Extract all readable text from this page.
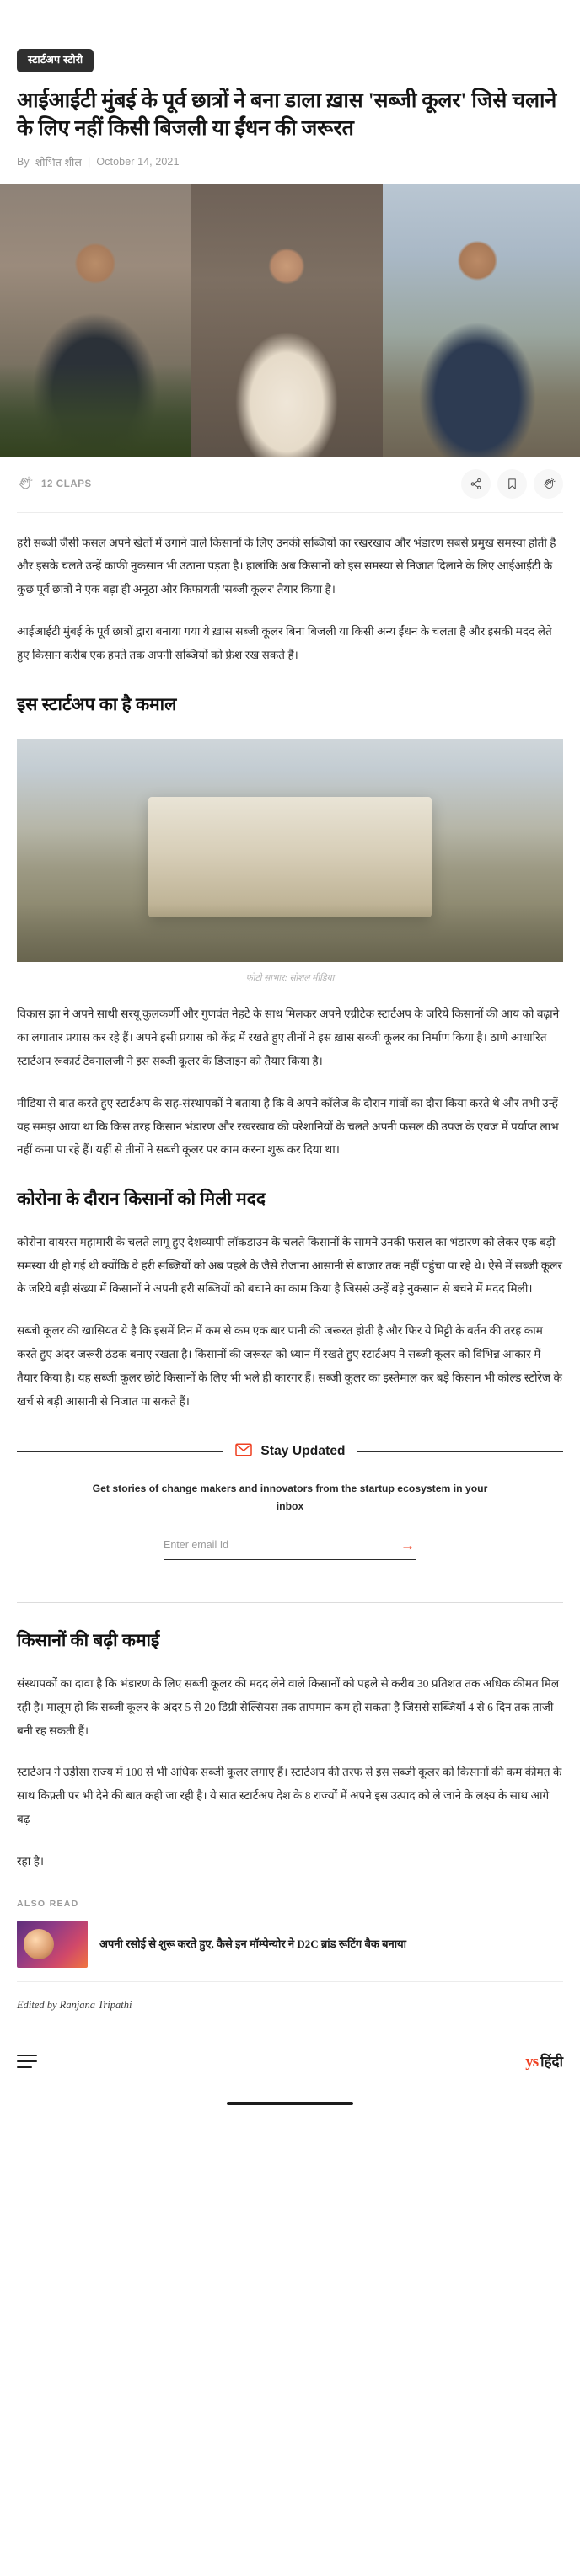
स्टार्टअप स्टोरी
आईआईटी मुंबई के पूर्व छात्रों ने बना डाला ख़ास 'सब्जी कूलर' जिसे चलाने के लिए नहीं किसी बिजली या ईंधन की जरूरत
By शोभित शील | October 14, 2021
12 CLAPS

हरी सब्जी जैसी फसल अपने खेतों में उगाने वाले किसानों के लिए उनकी सब्जियों का रखरखाव और भंडारण सबसे प्रमुख समस्या होती है और इसके चलते उन्हें काफी नुकसान भी उठाना पड़ता है। हालांकि अब किसानों को इस समस्या से निजात दिलाने के लिए आईआईटी के कुछ पूर्व छात्रों ने एक बड़ा ही अनूठा और किफायती 'सब्जी कूलर' तैयार किया है।

आईआईटी मुंबई के पूर्व छात्रों द्वारा बनाया गया ये ख़ास सब्जी कूलर बिना बिजली या किसी अन्य ईंधन के चलता है और इसकी मदद लेते हुए किसान करीब एक हफ्ते तक अपनी सब्जियों को फ़्रेश रख सकते हैं।

इस स्टार्टअप का है कमाल
फोटो साभार: सोशल मीडिया

विकास झा ने अपने साथी सरयू कुलकर्णी और गुणवंत नेहटे के साथ मिलकर अपने एग्रीटेक स्टार्टअप के जरिये किसानों की आय को बढ़ाने का लगातार प्रयास कर रहे हैं। अपने इसी प्रयास को केंद्र में रखते हुए तीनों ने इस ख़ास सब्जी कूलर का निर्माण किया है। ठाणे आधारित स्टार्टअप रूकार्ट टेक्नालजी ने इस सब्जी कूलर के डिजाइन को तैयार किया है।

मीडिया से बात करते हुए स्टार्टअप के सह-संस्थापकों ने बताया है कि वे अपने कॉलेज के दौरान गांवों का दौरा किया करते थे और तभी उन्हें यह समझ आया था कि किस तरह किसान भंडारण और रखरखाव की परेशानियों के चलते अपनी फसल की उपज के एवज में पर्याप्त लाभ नहीं कमा पा रहे हैं। यहीं से तीनों ने सब्जी कूलर पर काम करना शुरू कर दिया था।

कोरोना के दौरान किसानों को मिली मदद

कोरोना वायरस महामारी के चलते लागू हुए देशव्यापी लॉकडाउन के चलते किसानों के सामने उनकी फसल का भंडारण को लेकर एक बड़ी समस्या थी हो गई थी क्योंकि वे हरी सब्जियों को अब पहले के जैसे रोजाना आसानी से बाजार तक नहीं पहुंचा पा रहे थे। ऐसे में सब्जी कूलर के जरिये बड़ी संख्या में किसानों ने अपनी हरी सब्जियों को बचाने का काम किया है जिससे उन्हें बड़े नुकसान से बचने में मदद मिली।

सब्जी कूलर की खासियत ये है कि इसमें दिन में कम से कम एक बार पानी की जरूरत होती है और फिर ये मिट्टी के बर्तन की तरह काम करते हुए अंदर जरूरी ठंडक बनाए रखता है। किसानों की जरूरत को ध्यान में रखते हुए स्टार्टअप ने सब्जी कूलर को विभिन्न आकार में तैयार किया है। यह सब्जी कूलर छोटे किसानों के लिए भी भले ही कारगर हैं। सब्जी कूलर का इस्तेमाल कर बड़े किसान भी कोल्ड स्टोरेज के खर्च से बड़ी आसानी से निजात पा सकते हैं।

Stay Updated
Get stories of change makers and innovators from the startup ecosystem in your inbox
Enter email Id
→
किसानों की बढ़ी कमाई

संस्थापकों का दावा है कि भंडारण के लिए सब्जी कूलर की मदद लेने वाले किसानों को पहले से करीब 30 प्रतिशत तक अधिक कीमत मिल रही है। मालूम हो कि सब्जी कूलर के अंदर 5 से 20 डिग्री सेल्सियस तक तापमान कम हो सकता है जिससे सब्जियाँ 4 से 6 दिन तक ताजी बनी रह सकती हैं।

स्टार्टअप ने उड़ीसा राज्य में 100 से भी अधिक सब्जी कूलर लगाए हैं। स्टार्टअप की तरफ से इस सब्जी कूलर को किसानों की कम कीमत के साथ किफ़्ती पर भी देने की बात कही जा रही है। ये सात स्टार्टअप देश के 8 राज्यों में अपने इस उत्पाद को ले जाने के लक्ष्य के साथ आगे बढ़

रहा है।

ALSO READ
अपनी रसोई से शुरू करते हुए, कैसे इन मॉम्पेन्योर ने D2C ब्रांड रूटिंग बैक बनाया
Edited by Ranjana Tripathi
ys हिंदी
